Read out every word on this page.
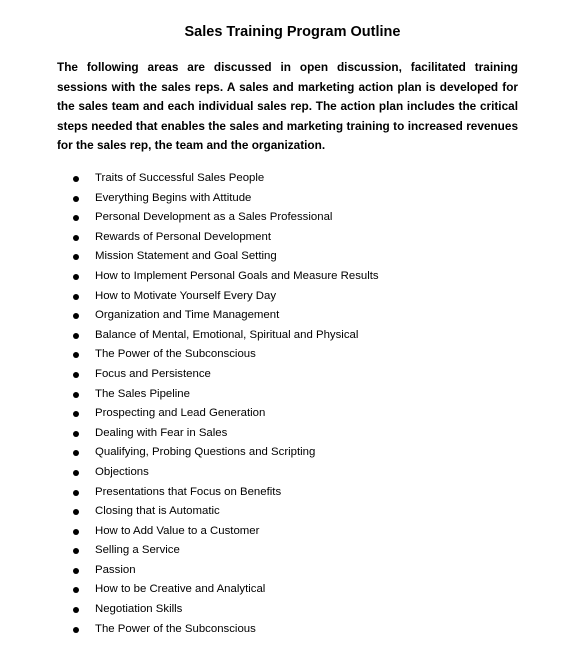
Sales Training Program Outline

The following areas are discussed in open discussion, facilitated training sessions with the sales reps. A sales and marketing action plan is developed for the sales team and each individual sales rep. The action plan includes the critical steps needed that enables the sales and marketing training to increased revenues for the sales rep, the team and the organization.

Traits of Successful Sales People
Everything Begins with Attitude
Personal Development as a Sales Professional
Rewards of Personal Development
Mission Statement and Goal Setting
How to Implement Personal Goals and Measure Results
How to Motivate Yourself Every Day
Organization and Time Management
Balance of Mental, Emotional, Spiritual and Physical
The Power of the Subconscious
Focus and Persistence
The Sales Pipeline
Prospecting and Lead Generation
Dealing with Fear in Sales
Qualifying, Probing Questions and Scripting
Objections
Presentations that Focus on Benefits
Closing that is Automatic
How to Add Value to a Customer
Selling a Service
Passion
How to be Creative and Analytical
Negotiation Skills
The Power of the Subconscious
